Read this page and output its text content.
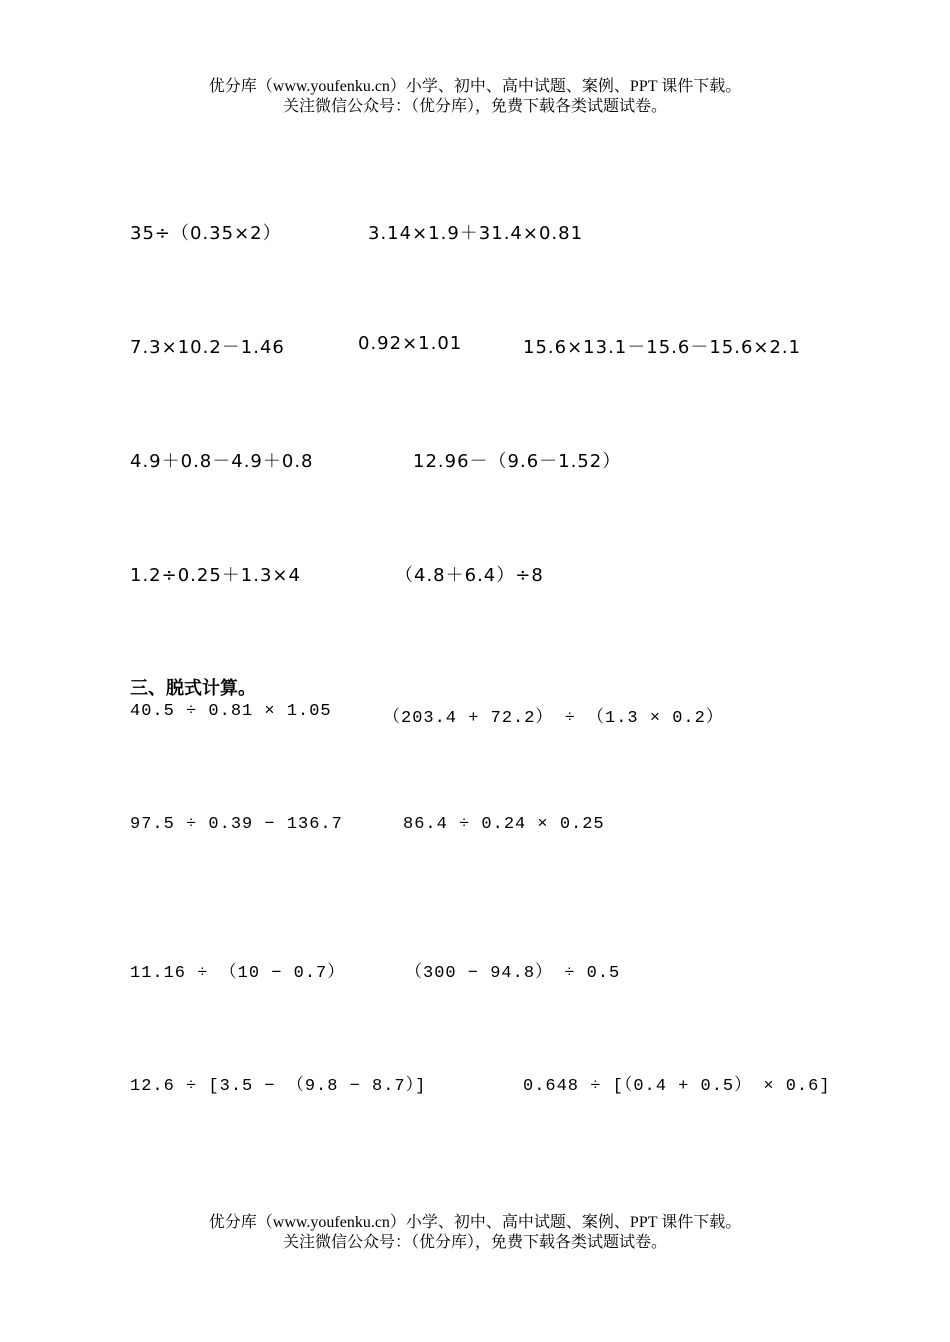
优分库（www.youfenku.cn）小学、初中、高中试题、案例、PPT 课件下载。
关注微信公众号：（优分库），免费下载各类试题试卷。
35÷（0.35×2）	3.14×1.9＋31.4×0.81
7.3×10.2－1.46	0.92×1.01	15.6×13.1－15.6－15.6×2.1
4.9＋0.8－4.9＋0.8	12.96－（9.6－1.52）
1.2÷0.25＋1.3×4	（4.8＋6.4）÷8
三、脱式计算。
40.5 ÷ 0.81 × 1.05	（203.4 + 72.2） ÷ （1.3 × 0.2）
97.5 ÷ 0.39 − 136.7	86.4 ÷ 0.24 × 0.25
11.16 ÷ （10 − 0.7）	（300 − 94.8） ÷ 0.5
12.6 ÷ [3.5 − （9.8 − 8.7）]	0.648 ÷ [（0.4 + 0.5） × 0.6]
优分库（www.youfenku.cn）小学、初中、高中试题、案例、PPT 课件下载。
关注微信公众号：（优分库），免费下载各类试题试卷。
